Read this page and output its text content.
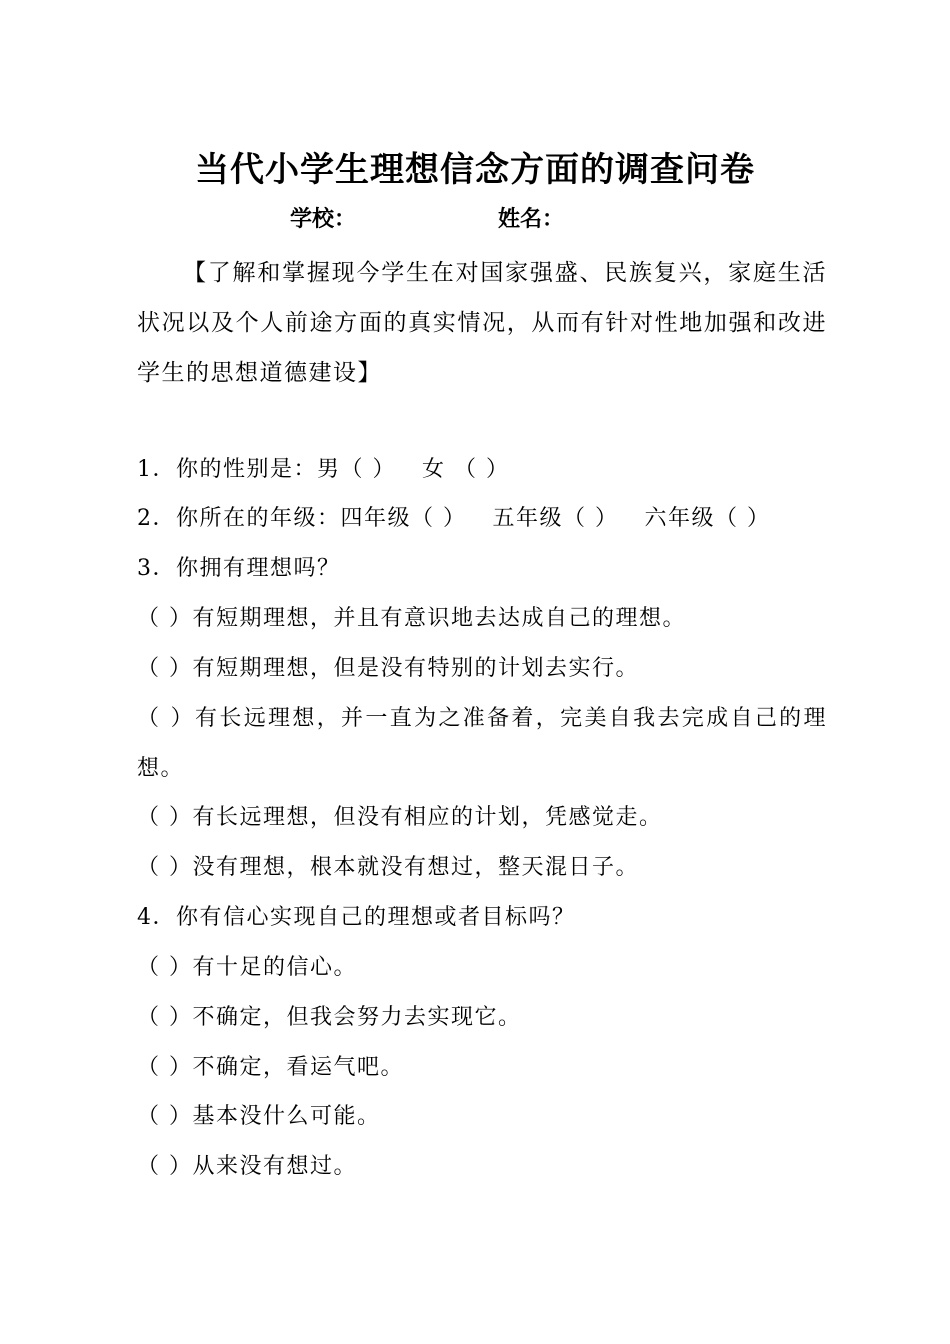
当代小学生理想信念方面的调查问卷
学校：	姓名：
【了解和掌握现今学生在对国家强盛、民族复兴，家庭生活状况以及个人前途方面的真实情况，从而有针对性地加强和改进学生的思想道德建设】
1．你的性别是：男（ ） 女 （ ）
2．你所在的年级：四年级（ ） 五年级（ ） 六年级（ ）
3．你拥有理想吗？
（ ）有短期理想，并且有意识地去达成自己的理想。
（ ）有短期理想，但是没有特别的计划去实行。
（ ）有长远理想，并一直为之准备着，完美自我去完成自己的理想。
（ ）有长远理想，但没有相应的计划，凭感觉走。
（ ）没有理想，根本就没有想过，整天混日子。
4．你有信心实现自己的理想或者目标吗？
（ ）有十足的信心。
（ ）不确定，但我会努力去实现它。
（ ）不确定，看运气吧。
（ ）基本没什么可能。
（ ）从来没有想过。
